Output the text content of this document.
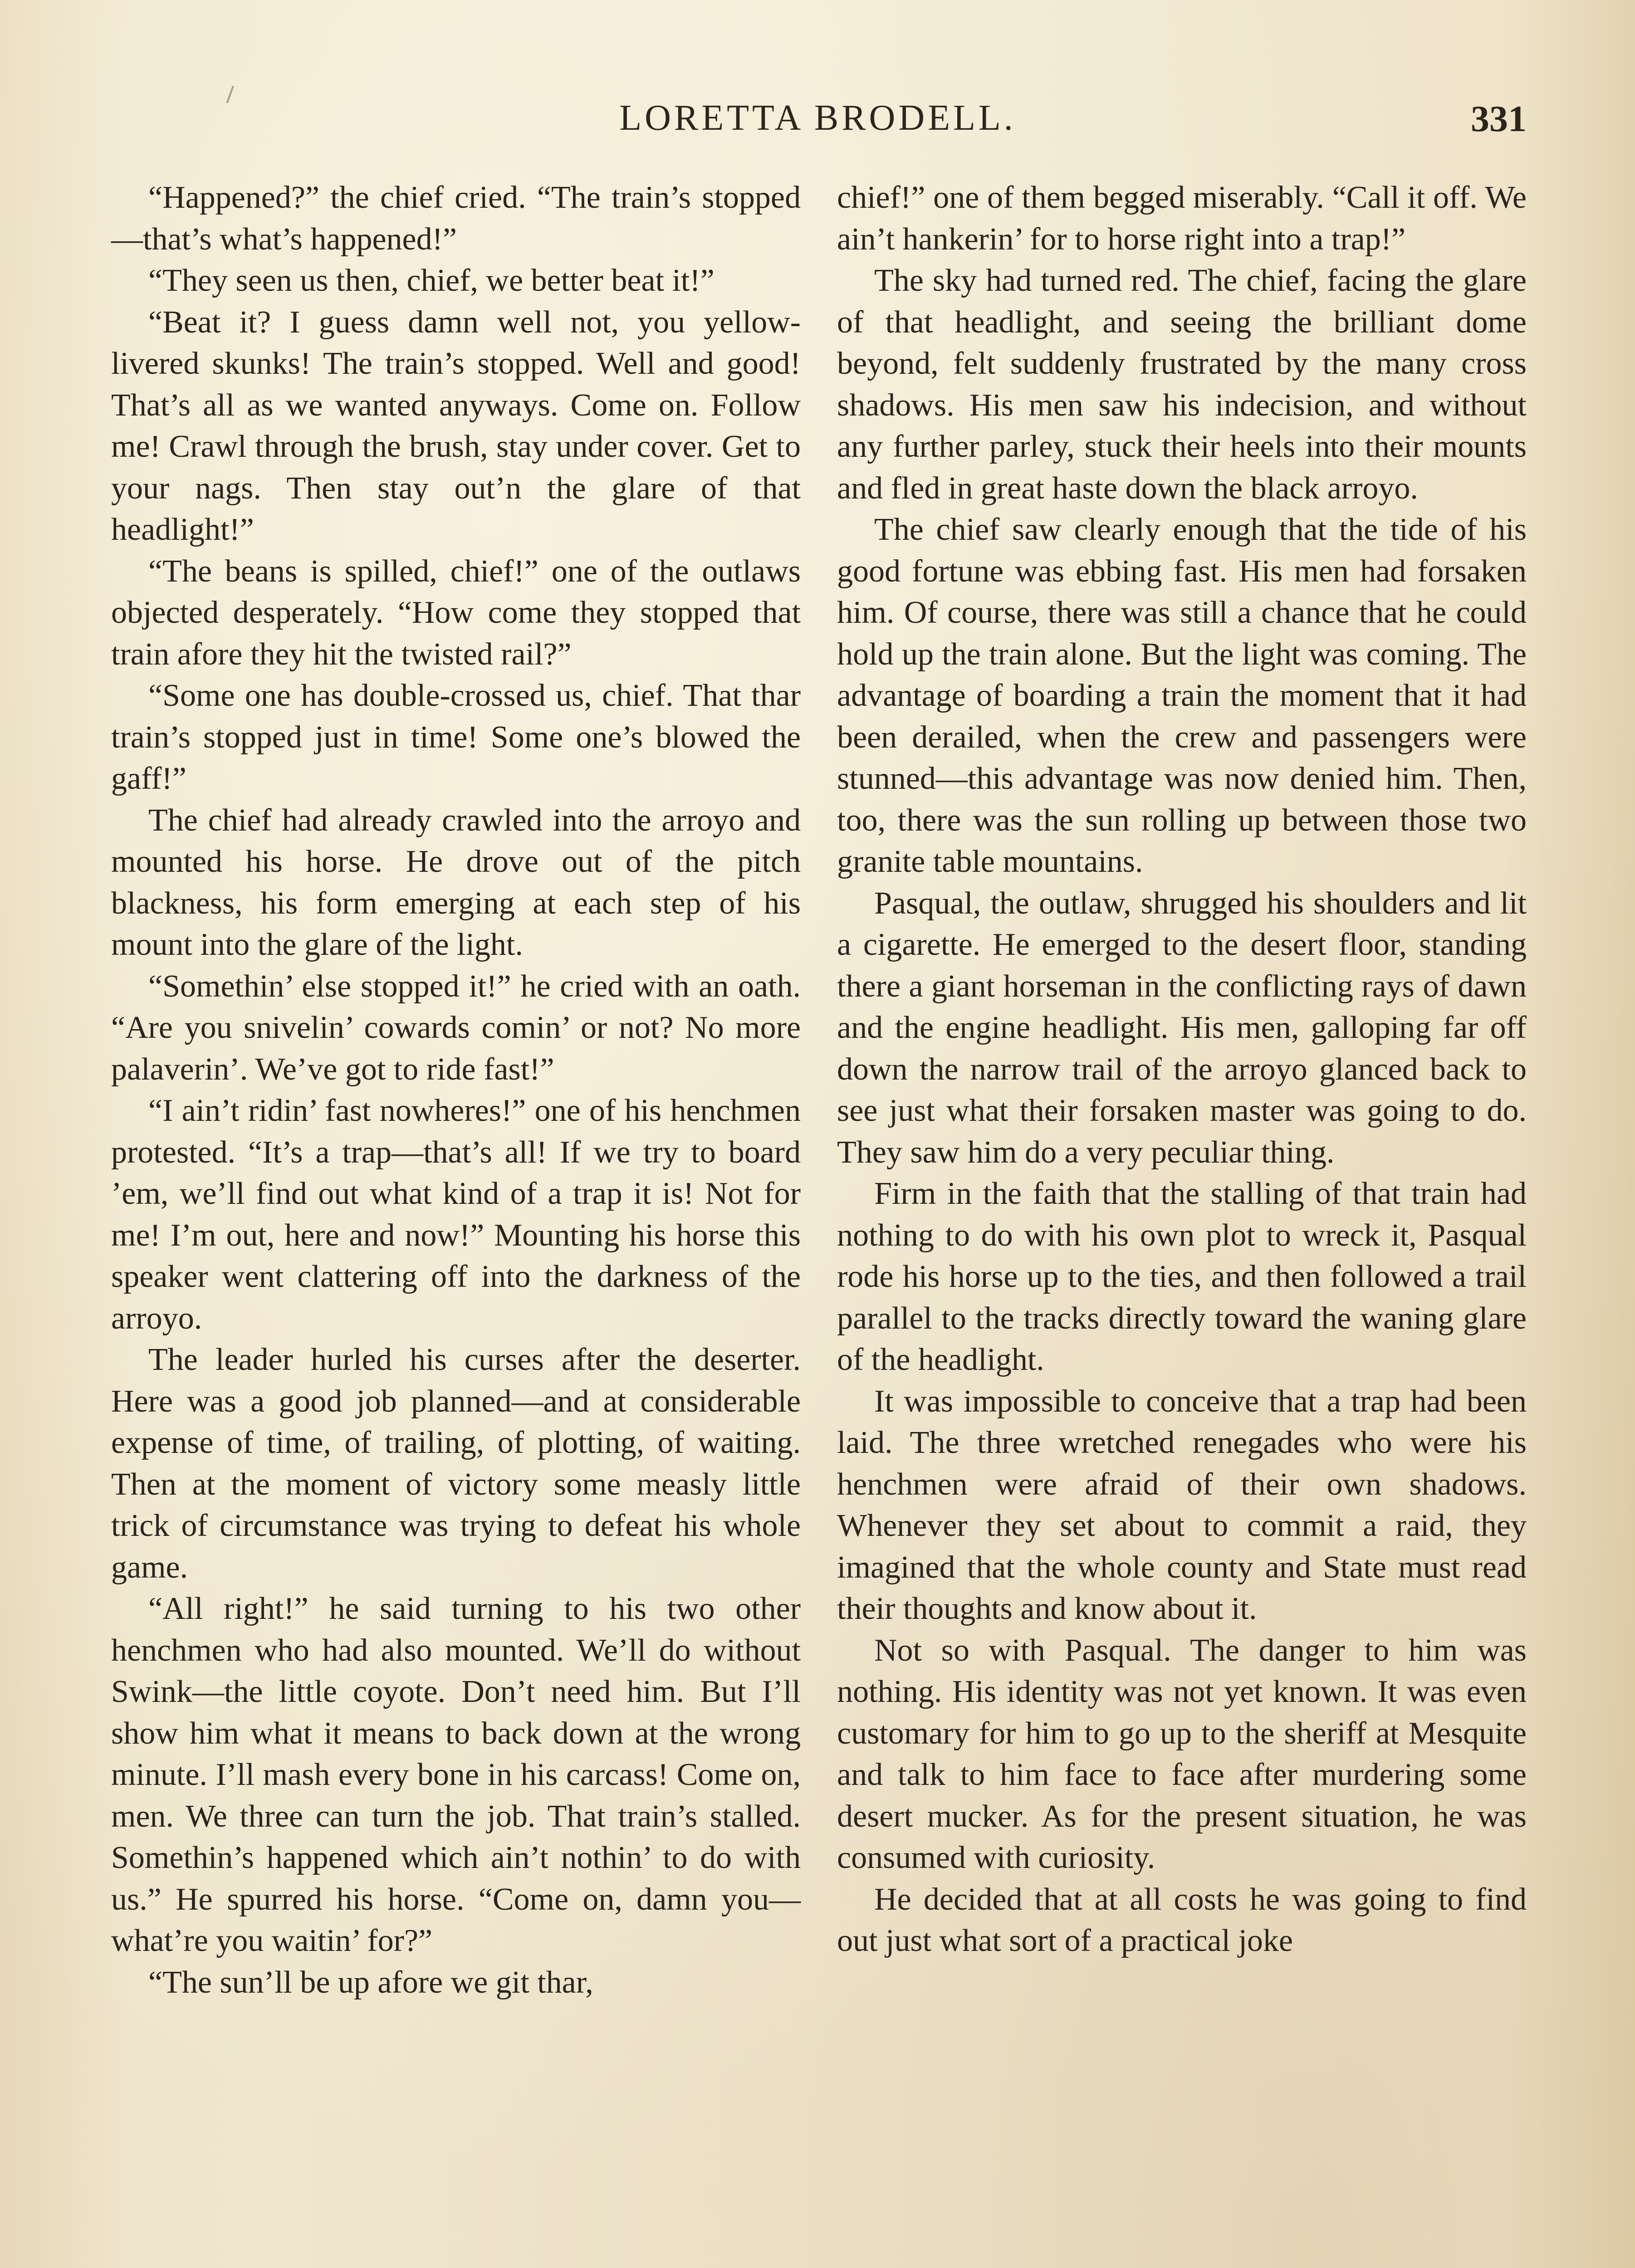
LORETTA BRODELL.	331

“Happened?” the chief cried. “The train’s stopped—that’s what’s happened!”

“They seen us then, chief, we better beat it!”

“Beat it? I guess damn well not, you yellow-livered skunks! The train’s stopped. Well and good! That’s all as we wanted anyways. Come on. Follow me! Crawl through the brush, stay under cover. Get to your nags. Then stay out’n the glare of that headlight!”

“The beans is spilled, chief!” one of the outlaws objected desperately. “How come they stopped that train afore they hit the twisted rail?”

“Some one has double-crossed us, chief. That thar train’s stopped just in time! Some one’s blowed the gaff!”

The chief had already crawled into the arroyo and mounted his horse. He drove out of the pitch blackness, his form emerging at each step of his mount into the glare of the light.

“Somethin’ else stopped it!” he cried with an oath. “Are you snivelin’ cowards comin’ or not? No more palaverin’. We’ve got to ride fast!”

“I ain’t ridin’ fast nowheres!” one of his henchmen protested. “It’s a trap—that’s all! If we try to board ’em, we’ll find out what kind of a trap it is! Not for me! I’m out, here and now!” Mounting his horse this speaker went clattering off into the darkness of the arroyo.

The leader hurled his curses after the deserter. Here was a good job planned—and at considerable expense of time, of trailing, of plotting, of waiting. Then at the moment of victory some measly little trick of circumstance was trying to defeat his whole game.

“All right!” he said turning to his two other henchmen who had also mounted. We’ll do without Swink—the little coyote. Don’t need him. But I’ll show him what it means to back down at the wrong minute. I’ll mash every bone in his carcass! Come on, men. We three can turn the job. That train’s stalled. Somethin’s happened which ain’t nothin’ to do with us.” He spurred his horse. “Come on, damn you—what’re you waitin’ for?”

“The sun’ll be up afore we git thar,

chief!” one of them begged miserably. “Call it off. We ain’t hankerin’ for to horse right into a trap!”

The sky had turned red. The chief, facing the glare of that headlight, and seeing the brilliant dome beyond, felt suddenly frustrated by the many cross shadows. His men saw his indecision, and without any further parley, stuck their heels into their mounts and fled in great haste down the black arroyo.

The chief saw clearly enough that the tide of his good fortune was ebbing fast. His men had forsaken him. Of course, there was still a chance that he could hold up the train alone. But the light was coming. The advantage of boarding a train the moment that it had been derailed, when the crew and passengers were stunned—this advantage was now denied him. Then, too, there was the sun rolling up between those two granite table mountains.

Pasqual, the outlaw, shrugged his shoulders and lit a cigarette. He emerged to the desert floor, standing there a giant horseman in the conflicting rays of dawn and the engine headlight. His men, galloping far off down the narrow trail of the arroyo glanced back to see just what their forsaken master was going to do. They saw him do a very peculiar thing.

Firm in the faith that the stalling of that train had nothing to do with his own plot to wreck it, Pasqual rode his horse up to the ties, and then followed a trail parallel to the tracks directly toward the waning glare of the headlight.

It was impossible to conceive that a trap had been laid. The three wretched renegades who were his henchmen were afraid of their own shadows. Whenever they set about to commit a raid, they imagined that the whole county and State must read their thoughts and know about it.

Not so with Pasqual. The danger to him was nothing. His identity was not yet known. It was even customary for him to go up to the sheriff at Mesquite and talk to him face to face after murdering some desert mucker. As for the present situation, he was consumed with curiosity.

He decided that at all costs he was going to find out just what sort of a practical joke
